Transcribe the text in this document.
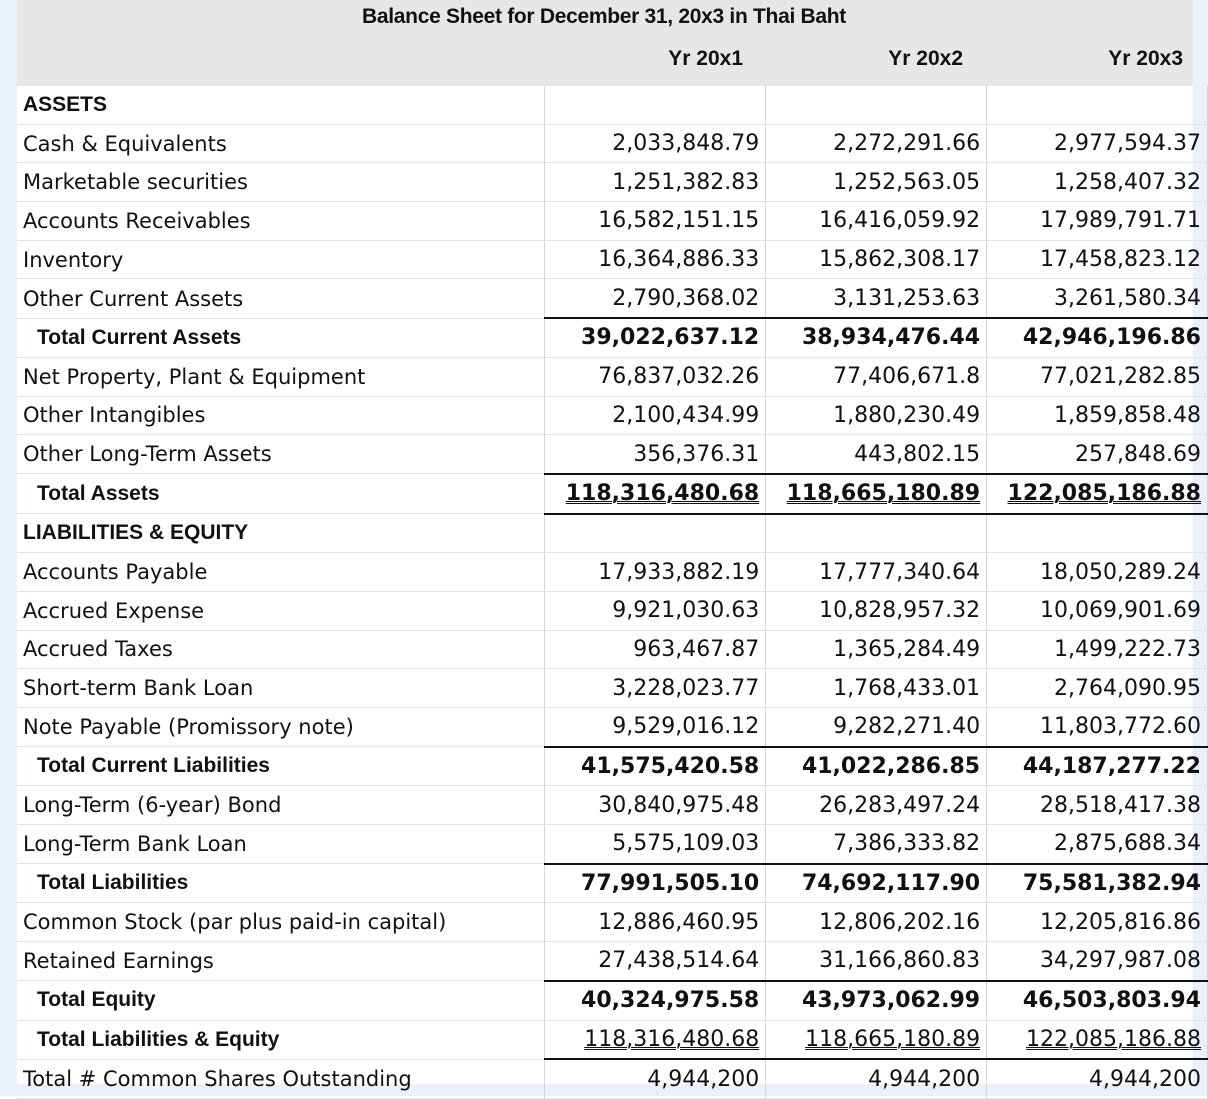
Balance Sheet for December 31, 20x3 in Thai Baht
Yr 20x1	Yr 20x2	Yr 20x3
ASSETS			
Cash & Equivalents	2,033,848.79	2,272,291.66	2,977,594.37
Marketable securities	1,251,382.83	1,252,563.05	1,258,407.32
Accounts Receivables	16,582,151.15	16,416,059.92	17,989,791.71
Inventory	16,364,886.33	15,862,308.17	17,458,823.12
Other Current Assets	2,790,368.02	3,131,253.63	3,261,580.34
Total Current Assets	39,022,637.12	38,934,476.44	42,946,196.86
Net Property, Plant & Equipment	76,837,032.26	77,406,671.8	77,021,282.85
Other Intangibles	2,100,434.99	1,880,230.49	1,859,858.48
Other Long-Term Assets	356,376.31	443,802.15	257,848.69
Total Assets	118,316,480.68	118,665,180.89	122,085,186.88
LIABILITIES & EQUITY			
Accounts Payable	17,933,882.19	17,777,340.64	18,050,289.24
Accrued Expense	9,921,030.63	10,828,957.32	10,069,901.69
Accrued Taxes	963,467.87	1,365,284.49	1,499,222.73
Short-term Bank Loan	3,228,023.77	1,768,433.01	2,764,090.95
Note Payable (Promissory note)	9,529,016.12	9,282,271.40	11,803,772.60
Total Current Liabilities	41,575,420.58	41,022,286.85	44,187,277.22
Long-Term (6-year) Bond	30,840,975.48	26,283,497.24	28,518,417.38
Long-Term Bank Loan	5,575,109.03	7,386,333.82	2,875,688.34
Total Liabilities	77,991,505.10	74,692,117.90	75,581,382.94
Common Stock (par plus paid-in capital)	12,886,460.95	12,806,202.16	12,205,816.86
Retained Earnings	27,438,514.64	31,166,860.83	34,297,987.08
Total Equity	40,324,975.58	43,973,062.99	46,503,803.94
Total Liabilities & Equity	118,316,480.68	118,665,180.89	122,085,186.88
Total # Common Shares Outstanding	4,944,200	4,944,200	4,944,200
